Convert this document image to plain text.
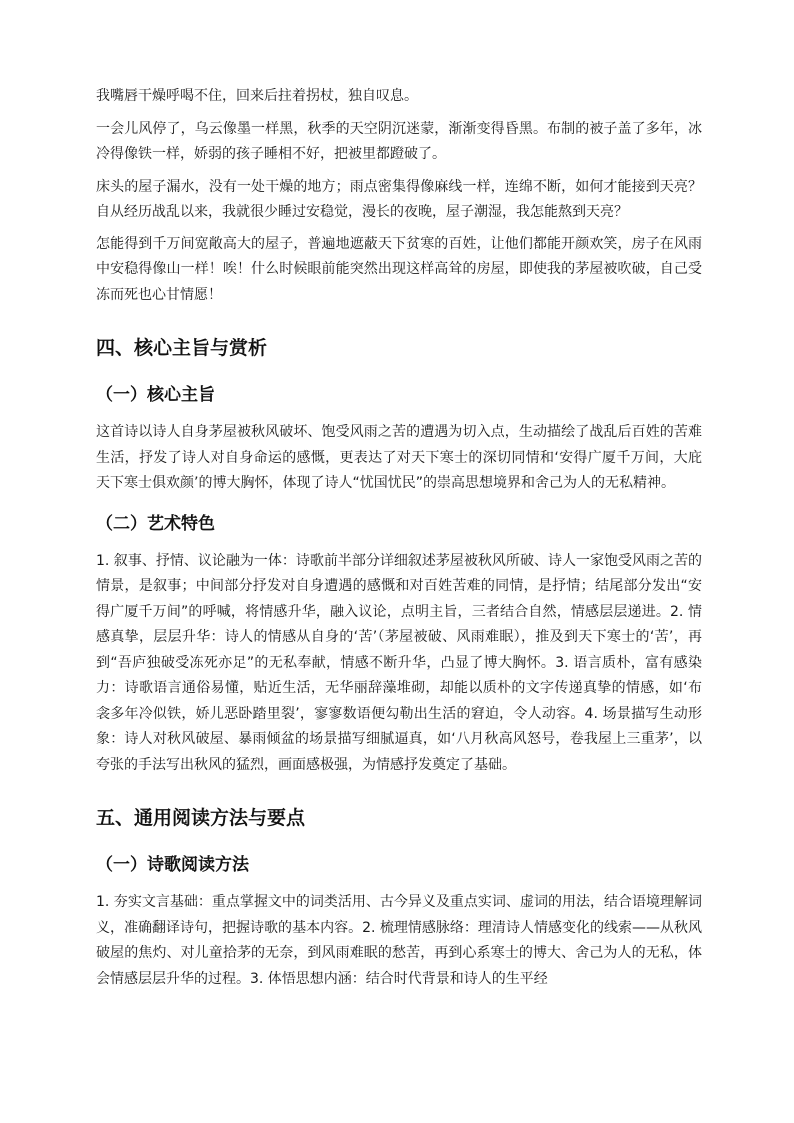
我嘴唇干燥呼喝不住，回来后拄着拐杖，独自叹息。

一会儿风停了，乌云像墨一样黑，秋季的天空阴沉迷蒙，渐渐变得昏黑。布制的被子盖了多年，冰冷得像铁一样，娇弱的孩子睡相不好，把被里都蹬破了。

床头的屋子漏水，没有一处干燥的地方；雨点密集得像麻线一样，连绵不断，如何才能接到天亮？自从经历战乱以来，我就很少睡过安稳觉，漫长的夜晚，屋子潮湿，我怎能熬到天亮？

怎能得到千万间宽敞高大的屋子，普遍地遮蔽天下贫寒的百姓，让他们都能开颜欢笑，房子在风雨中安稳得像山一样！唉！什么时候眼前能突然出现这样高耸的房屋，即使我的茅屋被吹破，自己受冻而死也心甘情愿！

四、核心主旨与赏析
（一）核心主旨

这首诗以诗人自身茅屋被秋风破坏、饱受风雨之苦的遭遇为切入点，生动描绘了战乱后百姓的苦难生活，抒发了诗人对自身命运的感慨，更表达了对天下寒士的深切同情和‘安得广厦千万间，大庇天下寒士俱欢颜’的博大胸怀，体现了诗人“忧国忧民”的崇高思想境界和舍己为人的无私精神。

（二）艺术特色

1. 叙事、抒情、议论融为一体：诗歌前半部分详细叙述茅屋被秋风所破、诗人一家饱受风雨之苦的情景，是叙事；中间部分抒发对自身遭遇的感慨和对百姓苦难的同情，是抒情；结尾部分发出“安得广厦千万间”的呼喊，将情感升华，融入议论，点明主旨，三者结合自然，情感层层递进。2. 情感真挚，层层升华：诗人的情感从自身的‘苦’（茅屋被破、风雨难眠），推及到天下寒士的‘苦’，再到“吾庐独破受冻死亦足”的无私奉献，情感不断升华，凸显了博大胸怀。3. 语言质朴，富有感染力：诗歌语言通俗易懂，贴近生活，无华丽辞藻堆砌，却能以质朴的文字传递真挚的情感，如‘布衾多年冷似铁，娇儿恶卧踏里裂’，寥寥数语便勾勒出生活的窘迫，令人动容。4. 场景描写生动形象：诗人对秋风破屋、暴雨倾盆的场景描写细腻逼真，如‘八月秋高风怒号，卷我屋上三重茅’，以夸张的手法写出秋风的猛烈，画面感极强，为情感抒发奠定了基础。

五、通用阅读方法与要点
（一）诗歌阅读方法

1. 夯实文言基础：重点掌握文中的词类活用、古今异义及重点实词、虚词的用法，结合语境理解词义，准确翻译诗句，把握诗歌的基本内容。2. 梳理情感脉络：理清诗人情感变化的线索——从秋风破屋的焦灼、对儿童拾茅的无奈，到风雨难眠的愁苦，再到心系寒士的博大、舍己为人的无私，体会情感层层升华的过程。3. 体悟思想内涵：结合时代背景和诗人的生平经
